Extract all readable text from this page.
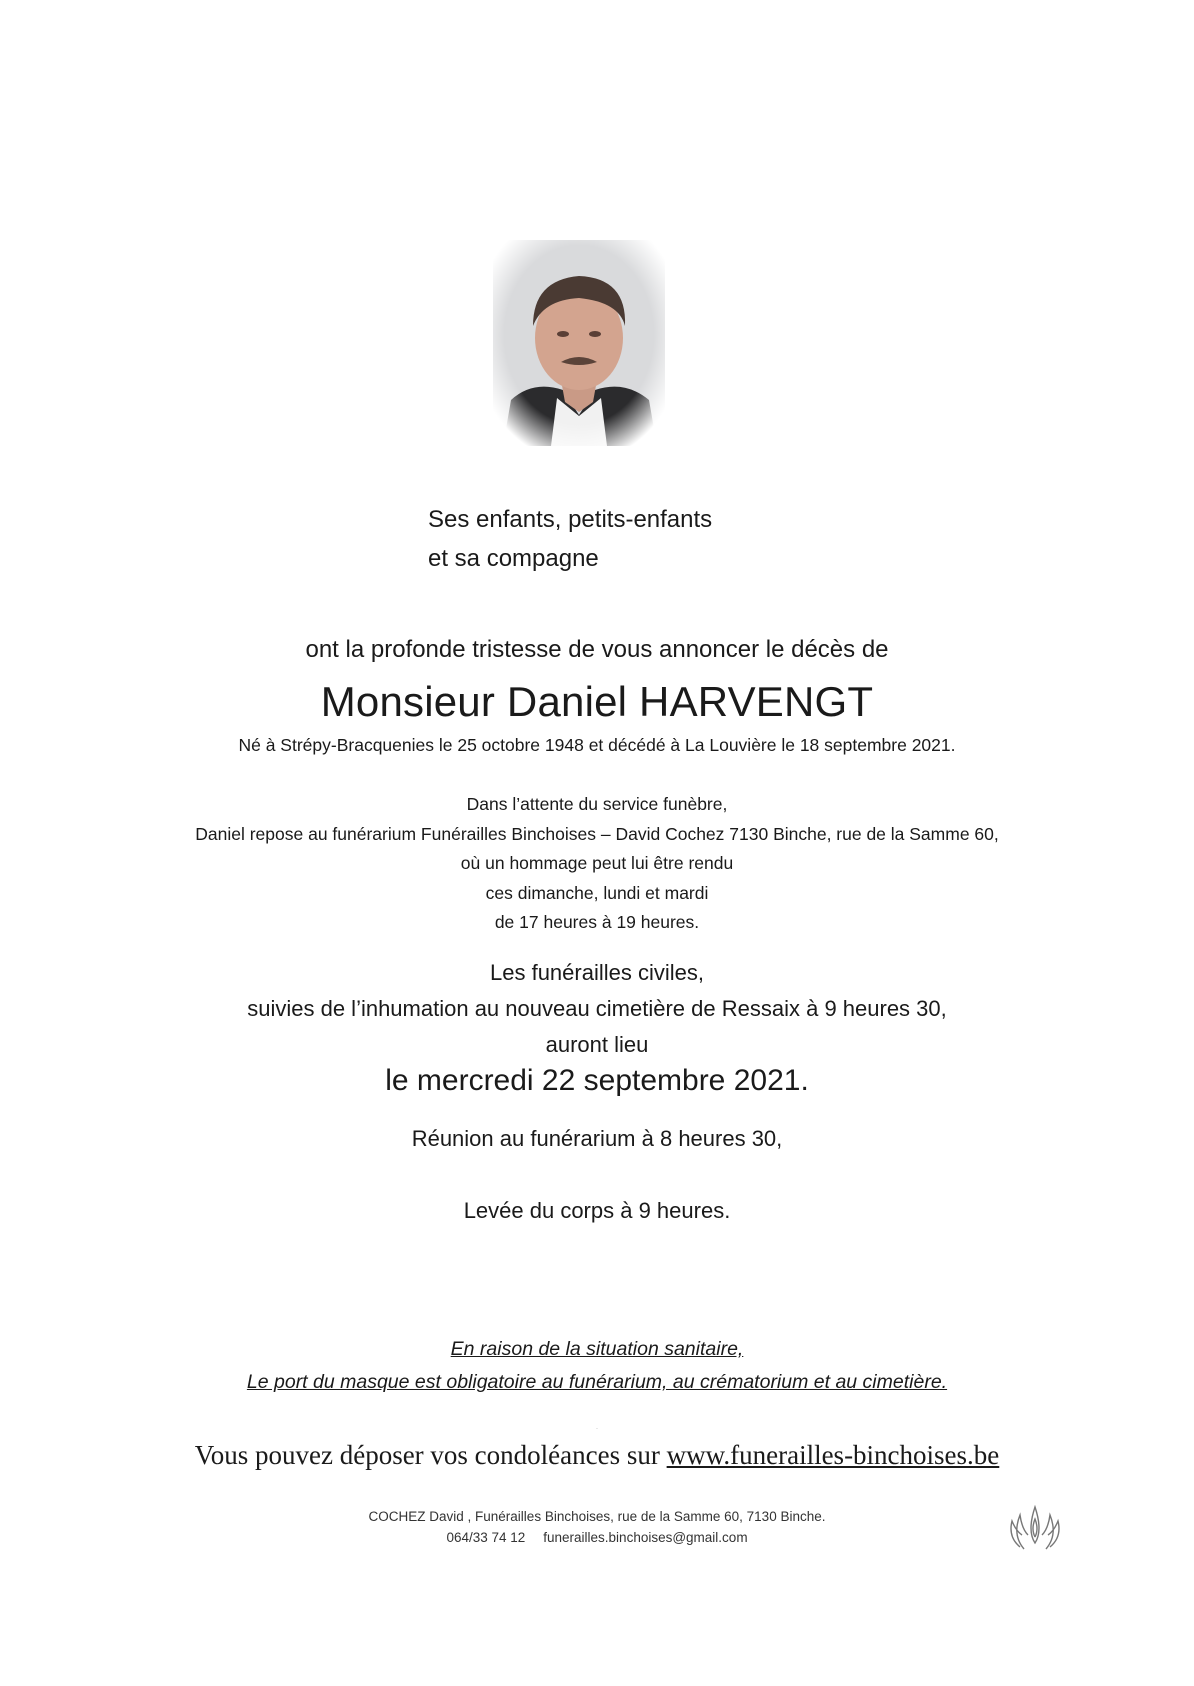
Ses enfants, petits-enfants
et sa compagne
ont la profonde tristesse de vous annoncer le décès de
Monsieur Daniel HARVENGT
Né à Strépy-Bracquenies le 25 octobre 1948 et décédé à La Louvière le 18 septembre 2021.
Dans l’attente du service funèbre,
Daniel repose au funérarium Funérailles Binchoises – David Cochez 7130 Binche, rue de la Samme 60,
où un hommage peut lui être rendu
ces dimanche, lundi et mardi
de 17 heures à 19 heures.
Les funérailles civiles,
suivies de l’inhumation au nouveau cimetière de Ressaix à 9 heures 30,
auront lieu
le mercredi 22 septembre 2021.
Réunion au funérarium à 8 heures 30,
Levée du corps à 9 heures.
En raison de la situation sanitaire,
Le port du masque est obligatoire au funérarium, au crématorium et au cimetière.
·
Vous pouvez déposer vos condoléances sur www.funerailles-binchoises.be
COCHEZ David , Funérailles Binchoises, rue de la Samme 60, 7130 Binche.
064/33 74 12 funerailles.binchoises@gmail.com
